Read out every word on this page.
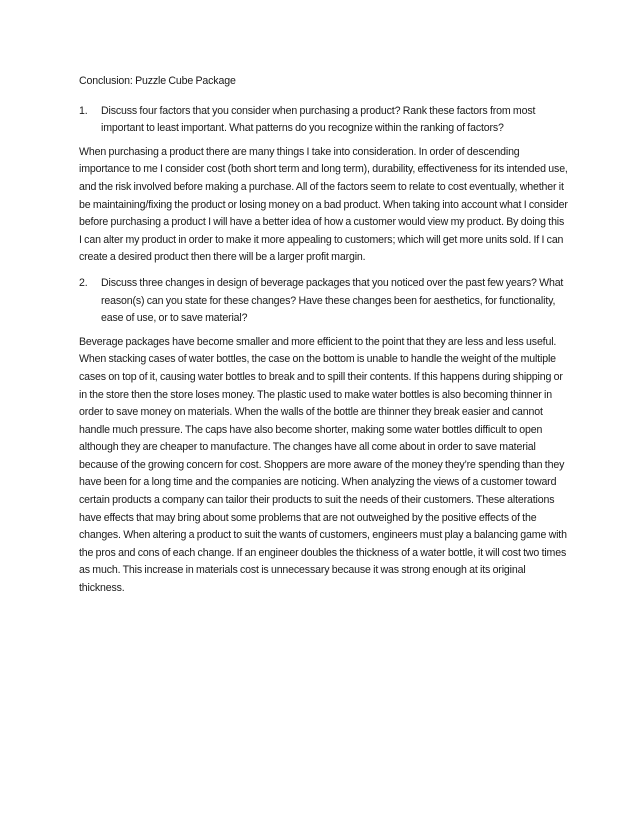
Conclusion: Puzzle Cube Package

1.	Discuss four factors that you consider when purchasing a product? Rank these factors from most important to least important. What patterns do you recognize within the ranking of factors?

When purchasing a product there are many things I take into consideration. In order of descending importance to me I consider cost (both short term and long term), durability, effectiveness for its intended use, and the risk involved before making a purchase. All of the factors seem to relate to cost eventually, whether it be maintaining/fixing the product or losing money on a bad product. When taking into account what I consider before purchasing a product I will have a better idea of how a customer would view my product. By doing this I can alter my product in order to make it more appealing to customers; which will get more units sold. If I can create a desired product then there will be a larger profit margin.

2.	Discuss three changes in design of beverage packages that you noticed over the past few years? What reason(s) can you state for these changes? Have these changes been for aesthetics, for functionality, ease of use, or to save material?

Beverage packages have become smaller and more efficient to the point that they are less and less useful. When stacking cases of water bottles, the case on the bottom is unable to handle the weight of the multiple cases on top of it, causing water bottles to break and to spill their contents. If this happens during shipping or in the store then the store loses money. The plastic used to make water bottles is also becoming thinner in order to save money on materials. When the walls of the bottle are thinner they break easier and cannot handle much pressure. The caps have also become shorter, making some water bottles difficult to open although they are cheaper to manufacture. The changes have all come about in order to save material because of the growing concern for cost. Shoppers are more aware of the money they’re spending than they have been for a long time and the companies are noticing. When analyzing the views of a customer toward certain products a company can tailor their products to suit the needs of their customers. These alterations have effects that may bring about some problems that are not outweighed by the positive effects of the changes. When altering a product to suit the wants of customers, engineers must play a balancing game with the pros and cons of each change. If an engineer doubles the thickness of a water bottle, it will cost two times as much. This increase in materials cost is unnecessary because it was strong enough at its original thickness.
